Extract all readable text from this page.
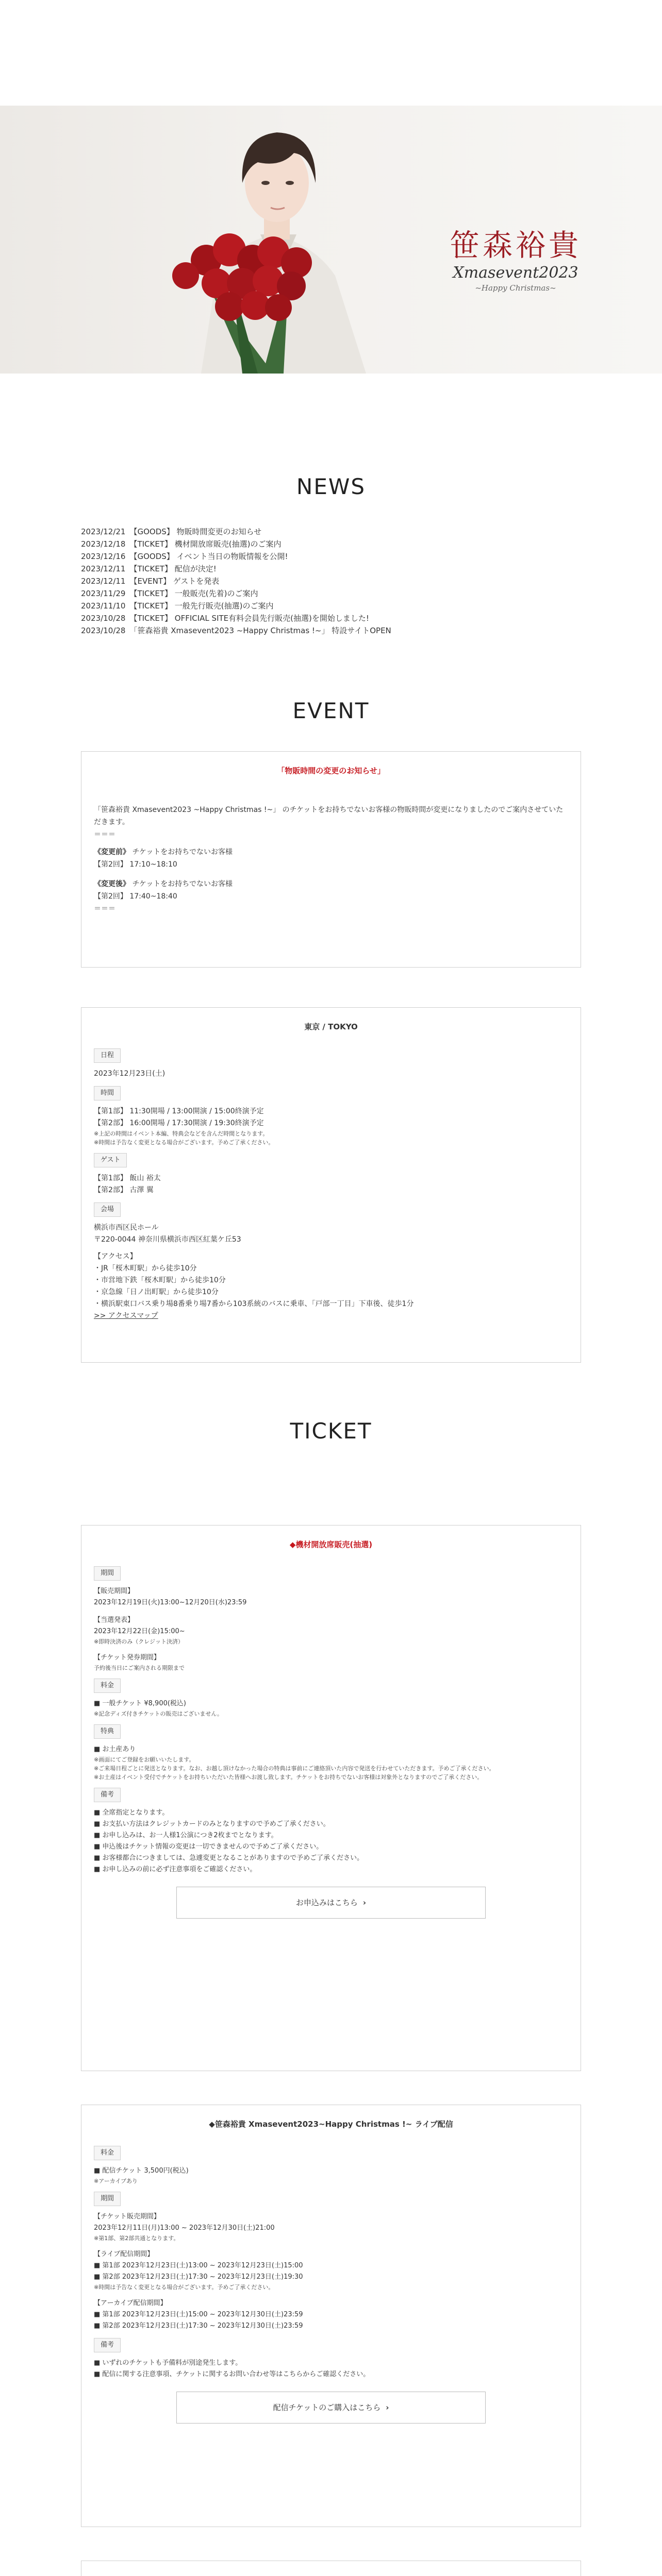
笹森裕貴
Xmasevent2023
~Happy Christmas~
NEWS
2023/12/21 【GOODS】 物販時間変更のお知らせ
2023/12/18 【TICKET】 機材開放席販売(抽選)のご案内
2023/12/16 【GOODS】 イベント当日の物販情報を公開!
2023/12/11 【TICKET】 配信が決定!
2023/12/11 【EVENT】 ゲストを発表
2023/11/29 【TICKET】 一般販売(先着)のご案内
2023/11/10 【TICKET】 一般先行販売(抽選)のご案内
2023/10/28 【TICKET】 OFFICIAL SITE有料会員先行販売(抽選)を開始しました!
2023/10/28 「笹森裕貴 Xmasevent2023 ~Happy Christmas !~」 特設サイトOPEN
EVENT
「物販時間の変更のお知らせ」

「笹森裕貴 Xmasevent2023 ~Happy Christmas !~」 のチケットをお持ちでないお客様の物販時間が変更になりましたのでご案内させていただきます。

＝＝＝

《変更前》 チケットをお持ちでないお客様

【第2回】 17:10~18:10

《変更後》 チケットをお持ちでないお客様

【第2回】 17:40~18:40

＝＝＝

東京 / TOKYO
日程
2023年12月23日(土)
時間
【第1部】 11:30開場 / 13:00開演 / 15:00終演予定
【第2部】 16:00開場 / 17:30開演 / 19:30終演予定
※上記の時間はイベント本編、特典会などを含んだ時間となります。
※時間は予告なく変更となる場合がございます。予めご了承ください。
ゲスト
【第1部】 飯山 裕太
【第2部】 古澤 翼
会場
横浜市西区民ホール
〒220-0044 神奈川県横浜市西区紅葉ケ丘53
【アクセス】
・JR「桜木町駅」から徒歩10分
・市営地下鉄「桜木町駅」から徒歩10分
・京急線「日ノ出町駅」から徒歩10分
・横浜駅東口バス乗り場8番乗り場7番から103系統のバスに乗車、「戸部一丁目」下車後、徒歩1分
>> アクセスマップ
TICKET
◆機材開放席販売(抽選)
期間
【販売期間】
2023年12月19日(火)13:00~12月20日(水)23:59
【当選発表】
2023年12月22日(金)15:00~
※即時決済のみ（クレジット決済）
【チケット発券期間】
予約後当日にご案内される期限まで
料金
■ 一般チケット ¥8,900(税込)
※記念ディズ付きチケットの販売はございません。
特典
■ お土産あり
※画面にてご登録をお願いいたします。
※ご来場日程ごとに発送となります。なお、お越し頂けなかった場合の特典は事前にご連絡頂いた内容で発送を行わせていただきます。予めご了承ください。
※お土産はイベント受付でチケットをお持ちいただいた皆様へお渡し致します。チケットをお持ちでないお客様は対象外となりますのでご了承ください。
備考
■ 全席指定となります。
■ お支払い方法はクレジットカードのみとなりますので予めご了承ください。
■ お申し込みは、お一人様1公演につき2枚までとなります。
■ 申込後はチケット情報の変更は一切できませんので予めご了承ください。
■ お客様都合につきましては、急遽変更となることがありますので予めご了承ください。
■ お申し込みの前に必ず注意事項をご確認ください。
お申込みはこちら ›
◆笹森裕貴 Xmasevent2023~Happy Christmas !~ ライブ配信
料金
■ 配信チケット 3,500円(税込)
※アーカイブあり
期間
【チケット販売期間】
2023年12月11日(月)13:00 ~ 2023年12月30日(土)21:00
※第1部、第2部共通となります。
【ライブ配信期間】
■ 第1部 2023年12月23日(土)13:00 ~ 2023年12月23日(土)15:00
■ 第2部 2023年12月23日(土)17:30 ~ 2023年12月23日(土)19:30
※時間は予告なく変更となる場合がございます。予めご了承ください。
【アーカイブ配信期間】
■ 第1部 2023年12月23日(土)15:00 ~ 2023年12月30日(土)23:59
■ 第2部 2023年12月23日(土)17:30 ~ 2023年12月30日(土)23:59
備考
■ いずれのチケットも予備料が別途発生します。
■ 配信に関する注意事項、チケットに関するお問い合わせ等はこちらからご確認ください。
配信チケットのご購入はこちら ›
